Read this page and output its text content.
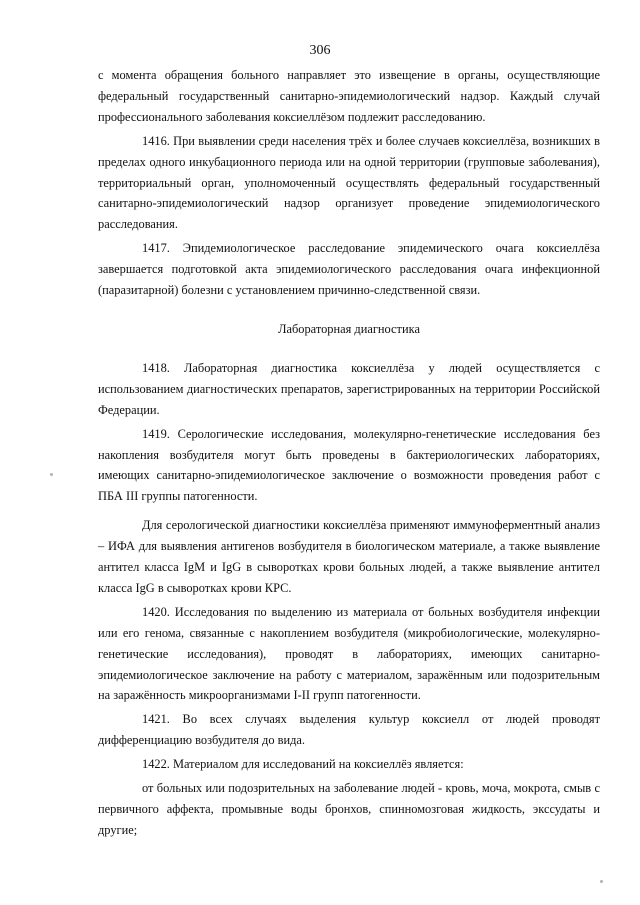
306

с момента обращения больного направляет это извещение в органы, осуществляющие федеральный государственный санитарно-эпидемиологический надзор. Каждый случай профессионального заболевания коксиеллёзом подлежит расследованию.

1416. При выявлении среди населения трёх и более случаев коксиеллёза, возникших в пределах одного инкубационного периода или на одной территории (групповые заболевания), территориальный орган, уполномоченный осуществлять федеральный государственный санитарно-эпидемиологический надзор организует проведение эпидемиологического расследования.

1417. Эпидемиологическое расследование эпидемического очага коксиеллёза завершается подготовкой акта эпидемиологического расследования очага инфекционной (паразитарной) болезни с установлением причинно-следственной связи.

Лабораторная диагностика

1418. Лабораторная диагностика коксиеллёза у людей осуществляется с использованием диагностических препаратов, зарегистрированных на территории Российской Федерации.

1419. Серологические исследования, молекулярно-генетические исследования без накопления возбудителя могут быть проведены в бактериологических лабораториях, имеющих санитарно-эпидемиологическое заключение о возможности проведения работ с ПБА III группы патогенности.

Для серологической диагностики коксиеллёза применяют иммуноферментный анализ – ИФА для выявления антигенов возбудителя в биологическом материале, а также выявление антител класса IgM и IgG в сыворотках крови больных людей, а также выявление антител класса IgG в сыворотках крови КРС.

1420. Исследования по выделению из материала от больных возбудителя инфекции или его генома, связанные с накоплением возбудителя (микробиологические, молекулярно-генетические исследования), проводят в лабораториях, имеющих санитарно-эпидемиологическое заключение на работу с материалом, заражённым или подозрительным на заражённость микроорганизмами I-II групп патогенности.

1421. Во всех случаях выделения культур коксиелл от людей проводят дифференциацию возбудителя до вида.

1422. Материалом для исследований на коксиеллёз является:

от больных или подозрительных на заболевание людей - кровь, моча, мокрота, смыв с первичного аффекта, промывные воды бронхов, спинномозговая жидкость, экссудаты и другие;
